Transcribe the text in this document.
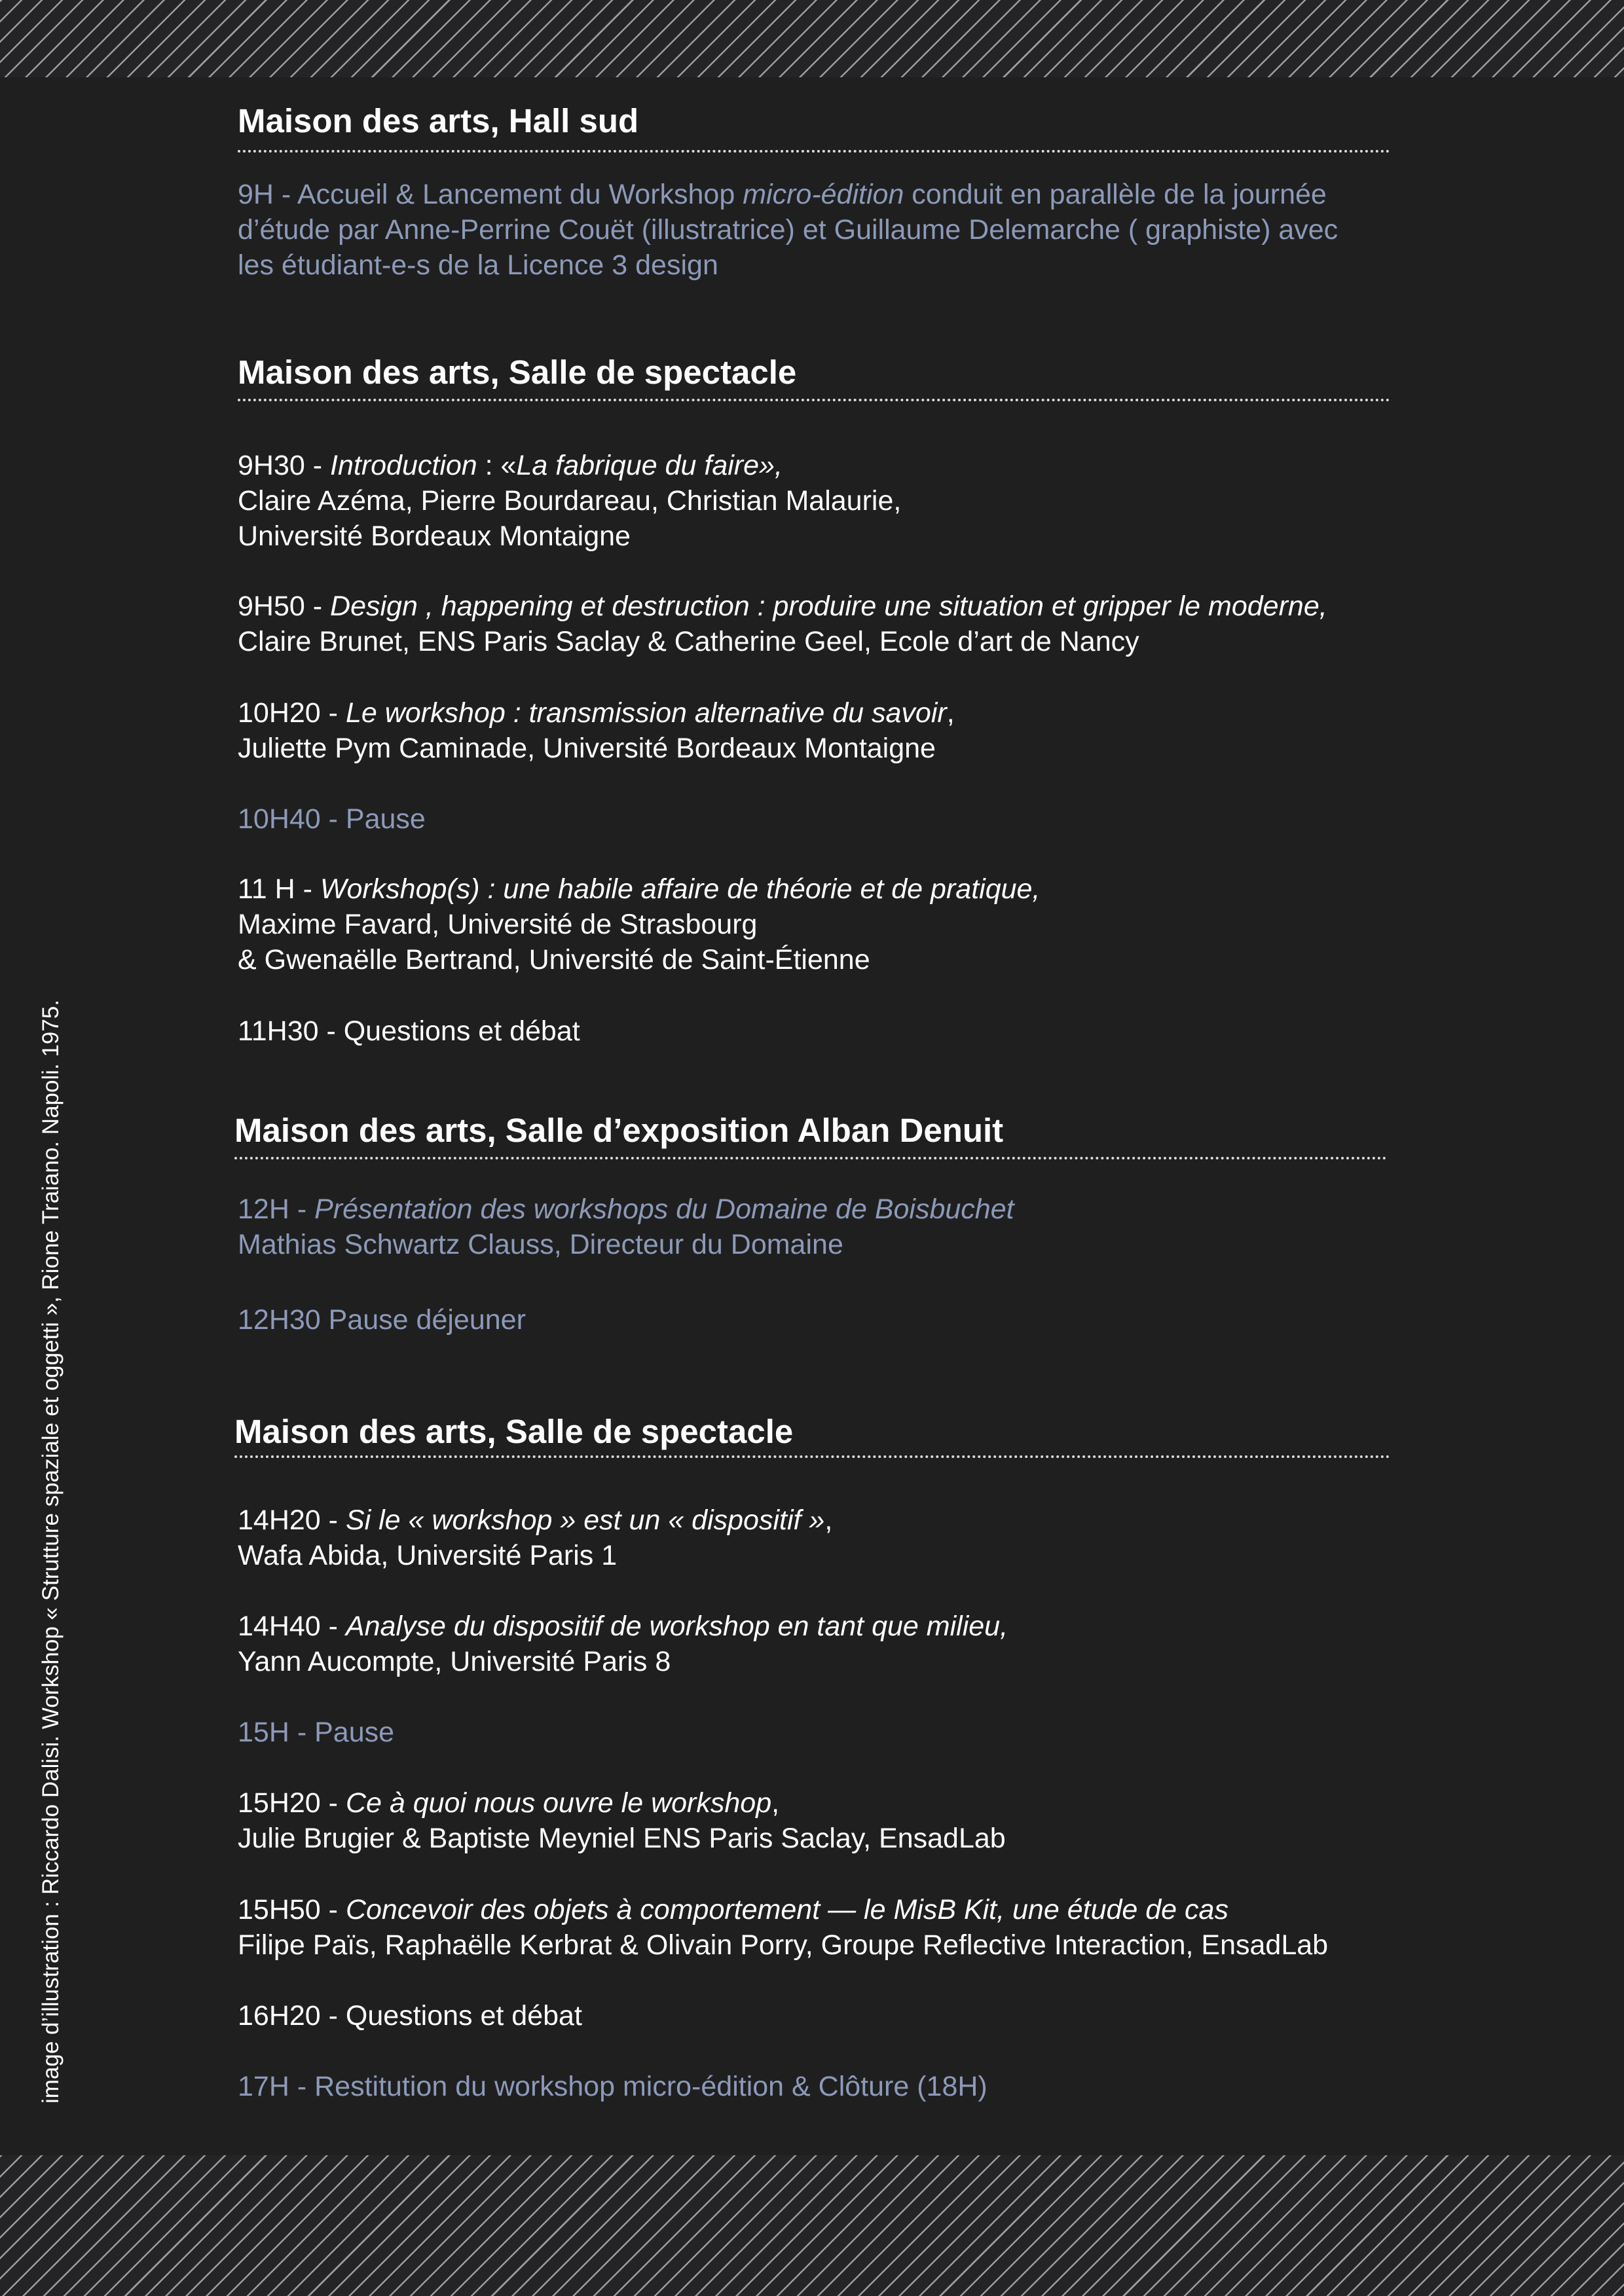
image d’illustration : Riccardo Dalisi. Workshop « Strutture spaziale et oggetti », Rione Traiano. Napoli. 1975.
Maison des arts, Hall sud
9H - Accueil & Lancement du Workshop micro-édition conduit en parallèle de la journée
d’étude par Anne-Perrine Couët (illustratrice) et Guillaume Delemarche ( graphiste) avec
les étudiant-e-s de la Licence 3 design
Maison des arts, Salle de spectacle
9H30 - Introduction : «La fabrique du faire»,
Claire Azéma, Pierre Bourdareau, Christian Malaurie,
Université Bordeaux Montaigne
9H50 - Design , happening et destruction : produire une situation et gripper le moderne,
Claire Brunet, ENS Paris Saclay & Catherine Geel, Ecole d’art de Nancy
10H20 - Le workshop : transmission alternative du savoir,
Juliette Pym Caminade, Université Bordeaux Montaigne
10H40 - Pause
11 H - Workshop(s) : une habile affaire de théorie et de pratique,
Maxime Favard, Université de Strasbourg
& Gwenaëlle Bertrand, Université de Saint-Étienne
11H30 - Questions et débat
Maison des arts, Salle d’exposition Alban Denuit
12H - Présentation des workshops du Domaine de Boisbuchet
Mathias Schwartz Clauss, Directeur du Domaine
12H30 Pause déjeuner
Maison des arts, Salle de spectacle
14H20 - Si le « workshop » est un « dispositif »,
Wafa Abida, Université Paris 1
14H40 - Analyse du dispositif de workshop en tant que milieu,
Yann Aucompte, Université Paris 8
15H - Pause
15H20 - Ce à quoi nous ouvre le workshop,
Julie Brugier & Baptiste Meyniel ENS Paris Saclay, EnsadLab
15H50 - Concevoir des objets à comportement — le MisB Kit, une étude de cas
Filipe Païs, Raphaëlle Kerbrat & Olivain Porry, Groupe Reflective Interaction, EnsadLab
16H20 - Questions et débat
17H - Restitution du workshop micro-édition & Clôture (18H)
